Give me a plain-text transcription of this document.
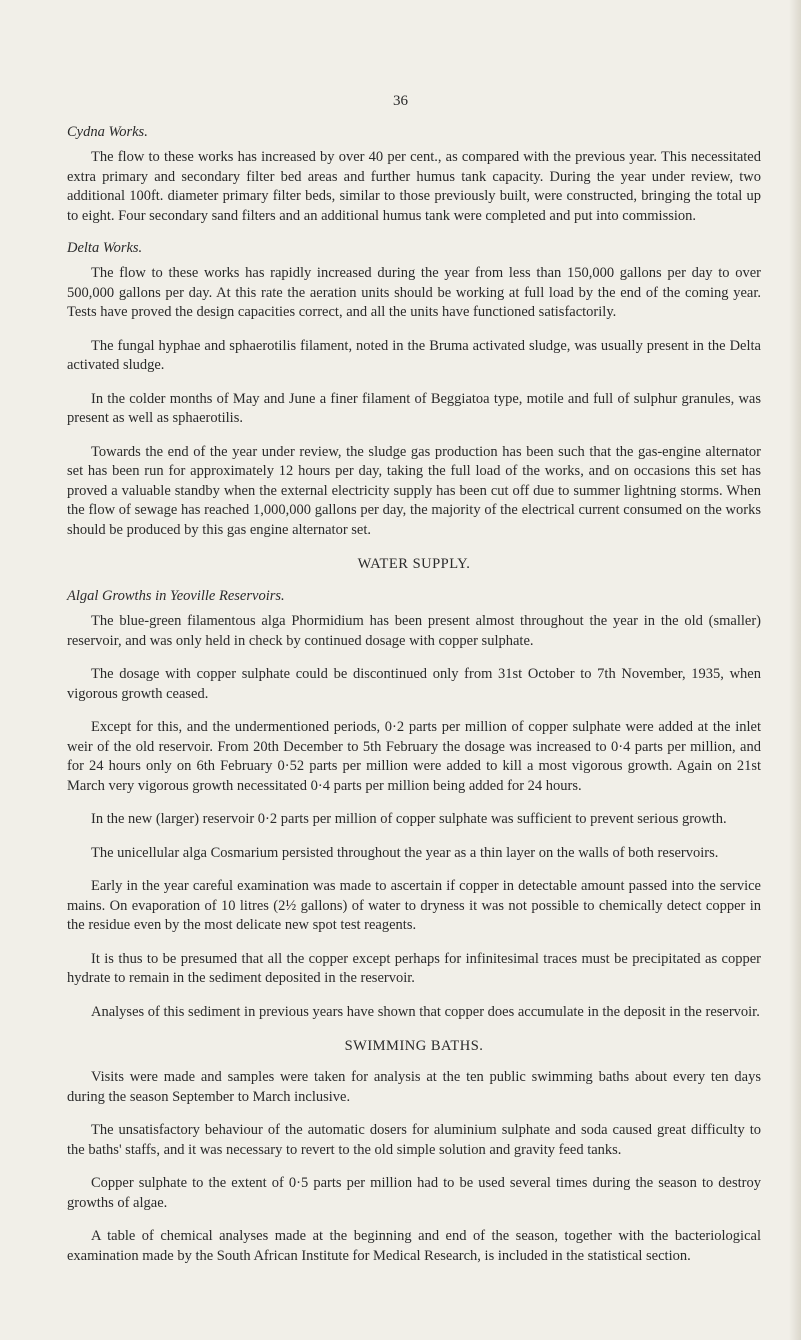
36
Cydna Works.

The flow to these works has increased by over 40 per cent., as compared with the previous year. This necessitated extra primary and secondary filter bed areas and further humus tank capacity. During the year under review, two additional 100ft. diameter primary filter beds, similar to those previously built, were constructed, bringing the total up to eight. Four secondary sand filters and an additional humus tank were completed and put into commission.

Delta Works.

The flow to these works has rapidly increased during the year from less than 150,000 gallons per day to over 500,000 gallons per day. At this rate the aeration units should be working at full load by the end of the coming year. Tests have proved the design capacities correct, and all the units have functioned satisfactorily.

The fungal hyphae and sphaerotilis filament, noted in the Bruma activated sludge, was usually present in the Delta activated sludge.

In the colder months of May and June a finer filament of Beggiatoa type, motile and full of sulphur granules, was present as well as sphaerotilis.

Towards the end of the year under review, the sludge gas production has been such that the gas-engine alternator set has been run for approximately 12 hours per day, taking the full load of the works, and on occasions this set has proved a valuable standby when the external electricity supply has been cut off due to summer lightning storms. When the flow of sewage has reached 1,000,000 gallons per day, the majority of the electrical current consumed on the works should be produced by this gas engine alternator set.

WATER SUPPLY.
Algal Growths in Yeoville Reservoirs.

The blue-green filamentous alga Phormidium has been present almost throughout the year in the old (smaller) reservoir, and was only held in check by continued dosage with copper sulphate.

The dosage with copper sulphate could be discontinued only from 31st October to 7th November, 1935, when vigorous growth ceased.

Except for this, and the undermentioned periods, 0·2 parts per million of copper sulphate were added at the inlet weir of the old reservoir. From 20th December to 5th February the dosage was increased to 0·4 parts per million, and for 24 hours only on 6th February 0·52 parts per million were added to kill a most vigorous growth. Again on 21st March very vigorous growth necessitated 0·4 parts per million being added for 24 hours.

In the new (larger) reservoir 0·2 parts per million of copper sulphate was sufficient to prevent serious growth.

The unicellular alga Cosmarium persisted throughout the year as a thin layer on the walls of both reservoirs.

Early in the year careful examination was made to ascertain if copper in detectable amount passed into the service mains. On evaporation of 10 litres (2½ gallons) of water to dryness it was not possible to chemically detect copper in the residue even by the most delicate new spot test reagents.

It is thus to be presumed that all the copper except perhaps for infinitesimal traces must be precipitated as copper hydrate to remain in the sediment deposited in the reservoir.

Analyses of this sediment in previous years have shown that copper does accumulate in the deposit in the reservoir.

SWIMMING BATHS.

Visits were made and samples were taken for analysis at the ten public swimming baths about every ten days during the season September to March inclusive.

The unsatisfactory behaviour of the automatic dosers for aluminium sulphate and soda caused great difficulty to the baths' staffs, and it was necessary to revert to the old simple solution and gravity feed tanks.

Copper sulphate to the extent of 0·5 parts per million had to be used several times during the season to destroy growths of algae.

A table of chemical analyses made at the beginning and end of the season, together with the bacteriological examination made by the South African Institute for Medical Research, is included in the statistical section.
